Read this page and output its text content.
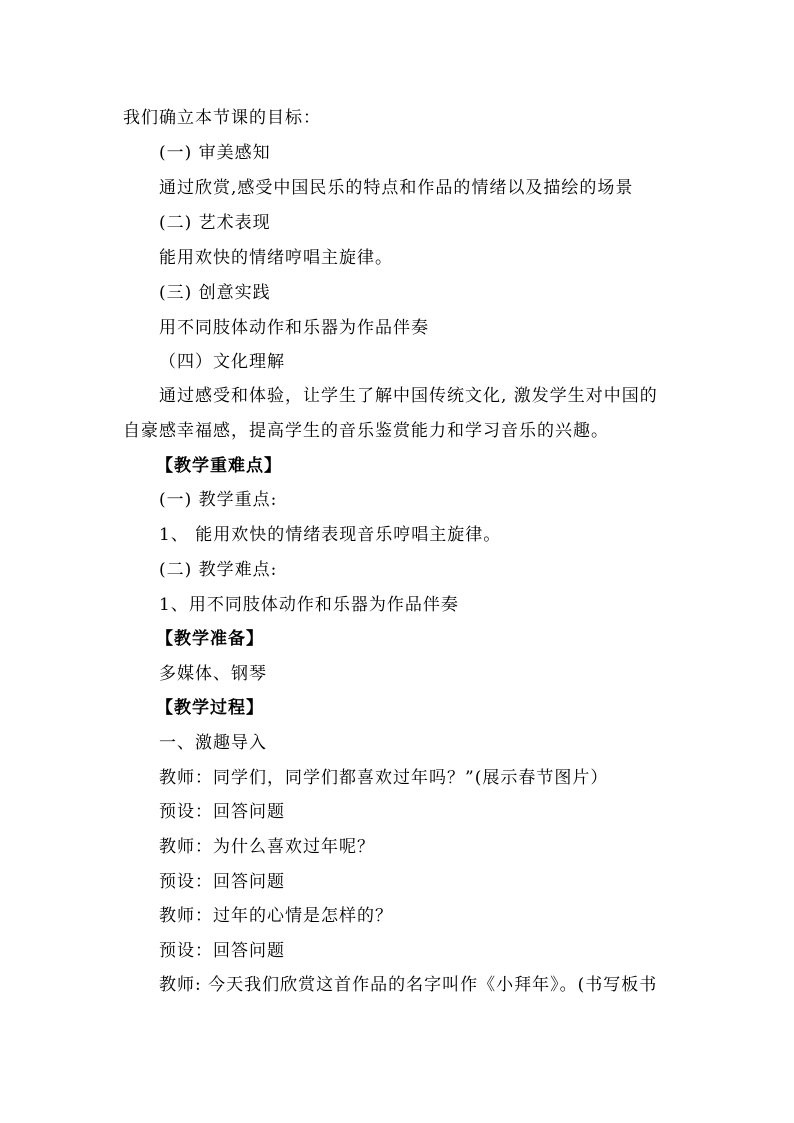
我们确立本节课的目标：
(一) 审美感知
通过欣赏,感受中国民乐的特点和作品的情绪以及描绘的场景
(二) 艺术表现
能用欢快的情绪哼唱主旋律。
(三) 创意实践
用不同肢体动作和乐器为作品伴奏
（四）文化理解
通过感受和体验，让学生了解中国传统文化, 激发学生对中国的
自豪感幸福感，提高学生的音乐鉴赏能力和学习音乐的兴趣。
【教学重难点】
(一) 教学重点:
1、 能用欢快的情绪表现音乐哼唱主旋律。
(二) 教学难点:
1、用不同肢体动作和乐器为作品伴奏
【教学准备】
多媒体、钢琴
【教学过程】
一、激趣导入
教师：同学们，同学们都喜欢过年吗？”(展示春节图片）
预设：回答问题
教师：为什么喜欢过年呢？
预设：回答问题
教师：过年的心情是怎样的？
预设：回答问题
教师: 今天我们欣赏这首作品的名字叫作《小拜年》。(书写板书
